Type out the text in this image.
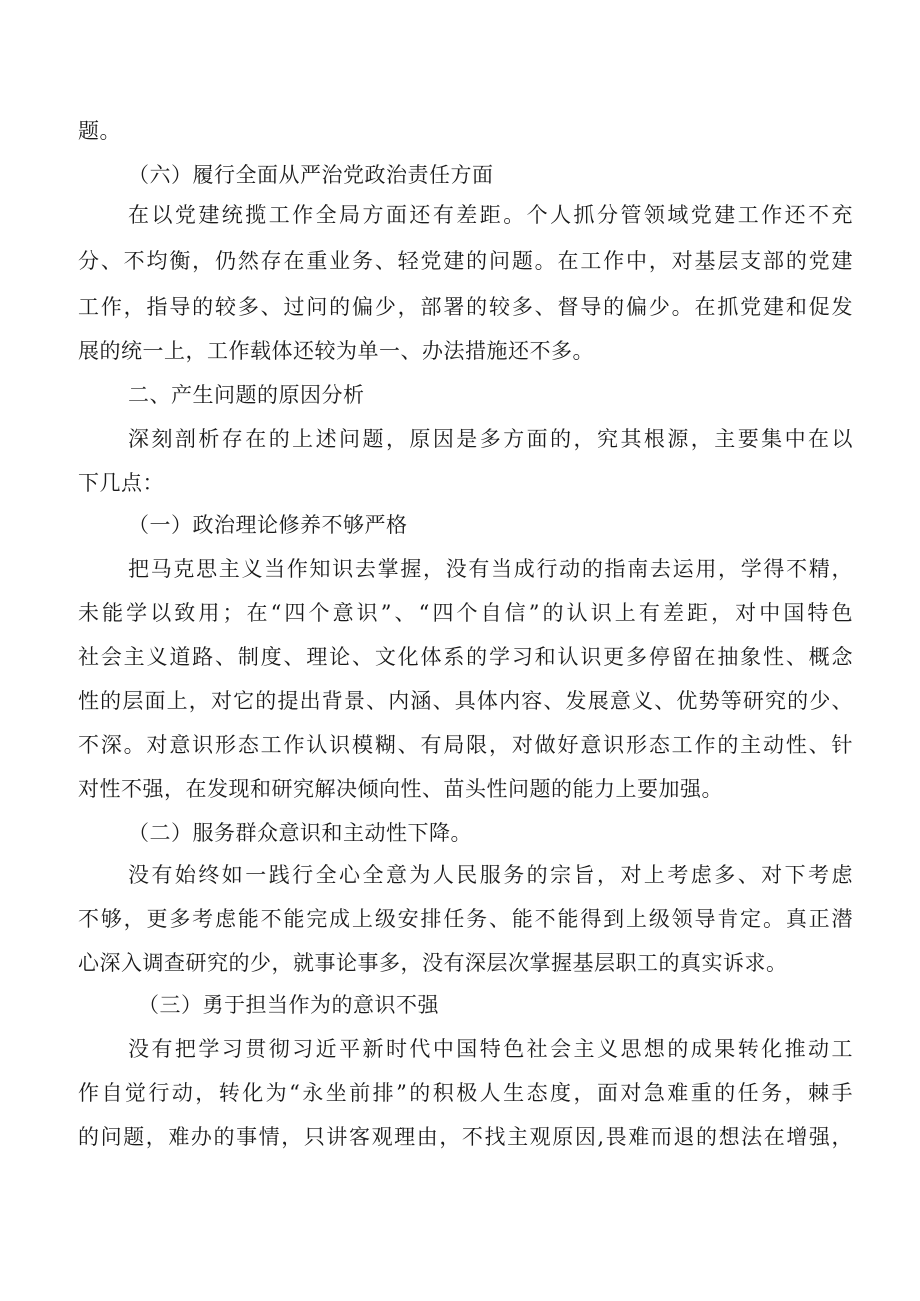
题。
（六）履行全面从严治党政治责任方面
在以党建统揽工作全局方面还有差距。个人抓分管领域党建工作还不充
分、不均衡，仍然存在重业务、轻党建的问题。在工作中，对基层支部的党建
工作，指导的较多、过问的偏少，部署的较多、督导的偏少。在抓党建和促发
展的统一上，工作载体还较为单一、办法措施还不多。
二、产生问题的原因分析
深刻剖析存在的上述问题，原因是多方面的，究其根源，主要集中在以
下几点：
（一）政治理论修养不够严格
把马克思主义当作知识去掌握，没有当成行动的指南去运用，学得不精，
未能学以致用；在“四个意识”、“四个自信”的认识上有差距，对中国特色
社会主义道路、制度、理论、文化体系的学习和认识更多停留在抽象性、概念
性的层面上，对它的提出背景、内涵、具体内容、发展意义、优势等研究的少、
不深。对意识形态工作认识模糊、有局限，对做好意识形态工作的主动性、针
对性不强，在发现和研究解决倾向性、苗头性问题的能力上要加强。
（二）服务群众意识和主动性下降。
没有始终如一践行全心全意为人民服务的宗旨，对上考虑多、对下考虑
不够，更多考虑能不能完成上级安排任务、能不能得到上级领导肯定。真正潜
心深入调查研究的少，就事论事多，没有深层次掌握基层职工的真实诉求。
（三）勇于担当作为的意识不强
没有把学习贯彻习近平新时代中国特色社会主义思想的成果转化推动工
作自觉行动，转化为“永坐前排”的积极人生态度，面对急难重的任务，棘手
的问题，难办的事情，只讲客观理由，不找主观原因,畏难而退的想法在增强，
